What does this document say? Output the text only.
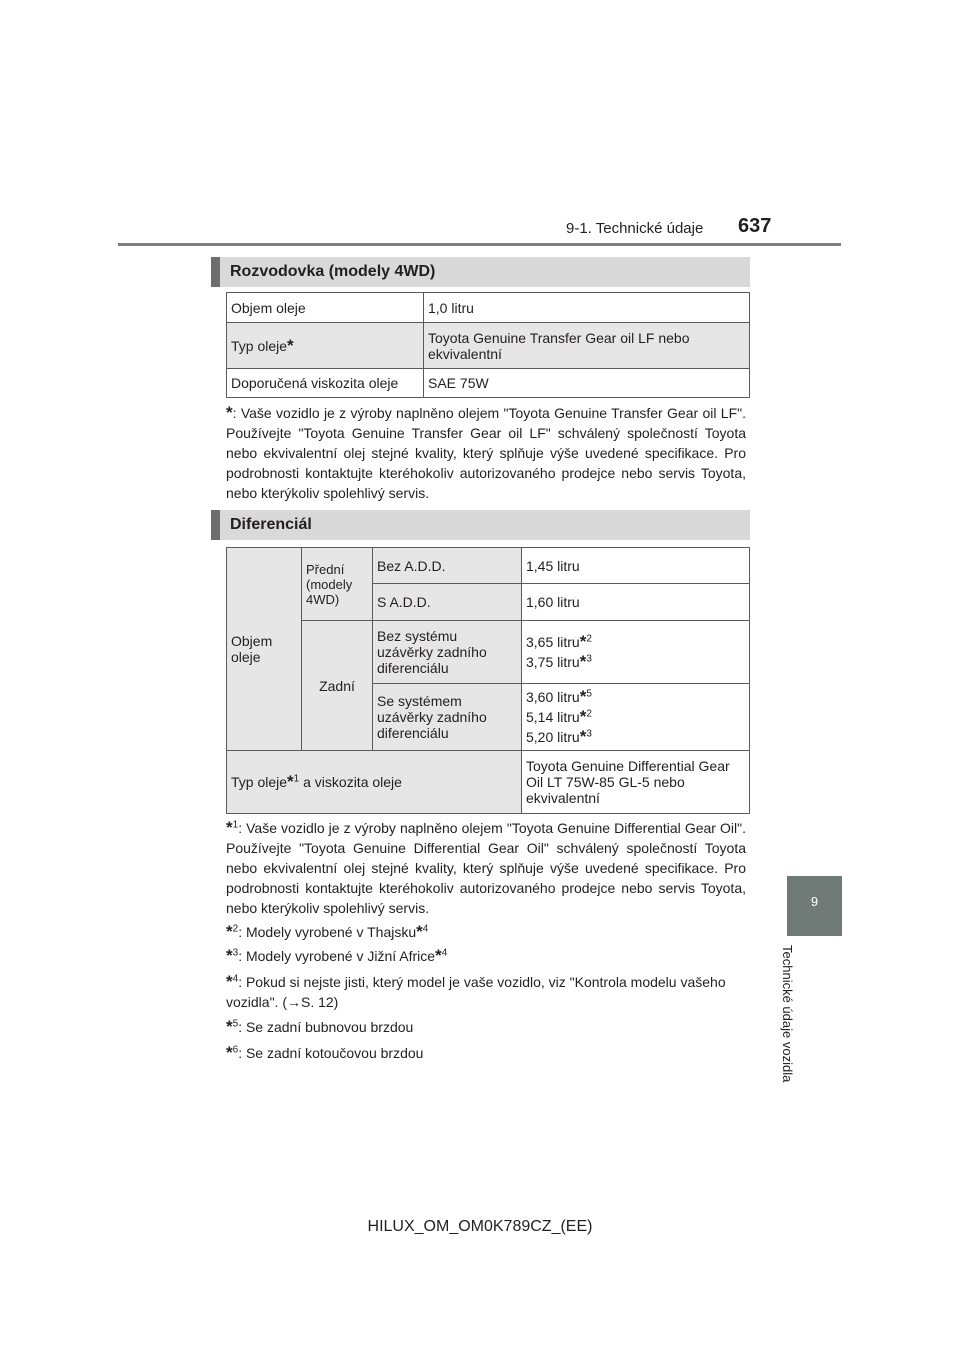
9-1. Technické údaje 637
9
Technické údaje vozidla
Rozvodovka (modely 4WD)
Objem oleje	1,0 litru
Typ oleje*	Toyota Genuine Transfer Gear oil LF nebo ekvivalentní
Doporučená viskozita oleje	SAE 75W
*: Vaše vozidlo je z výroby naplněno olejem "Toyota Genuine Transfer Gear oil LF". Používejte "Toyota Genuine Transfer Gear oil LF" schválený společností Toyota nebo ekvivalentní olej stejné kvality, který splňuje výše uvedené specifikace. Pro podrobnosti kontaktujte kteréhokoliv autorizovaného prodejce nebo servis Toyota, nebo kterýkoliv spolehlivý servis.
Diferenciál
Objem oleje	Přední (modely 4WD)	Bez A.D.D.	1,45 litru
		S A.D.D.	1,60 litru
	Zadní	Bez systému uzávěrky zadního diferenciálu	3,65 litru*$^2$
3,75 litru*$^3$
		Se systémem uzávěrky zadního diferenciálu	3,60 litru*$^5$
5,14 litru*$^2$
5,20 litru*$^3$
Typ oleje*$^1$ a viskozita oleje			Toyota Genuine Differential Gear Oil LT 75W-85 GL-5 nebo ekvivalentní
*$^1$: Vaše vozidlo je z výroby naplněno olejem "Toyota Genuine Differential Gear Oil". Používejte "Toyota Genuine Differential Gear Oil" schválený společností Toyota nebo ekvivalentní olej stejné kvality, který splňuje výše uvedené specifikace. Pro podrobnosti kontaktujte kteréhokoliv autorizovaného prodejce nebo servis Toyota, nebo kterýkoliv spolehlivý servis.
*$^2$: Modely vyrobené v Thajsku*$^4$
*$^3$: Modely vyrobené v Jižní Africe*$^4$
*$^4$: Pokud si nejste jisti, který model je vaše vozidlo, viz "Kontrola modelu vašeho vozidla". (→S. 12)
*$^5$: Se zadní bubnovou brzdou
*$^6$: Se zadní kotoučovou brzdou
HILUX_OM_OM0K789CZ_(EE)
